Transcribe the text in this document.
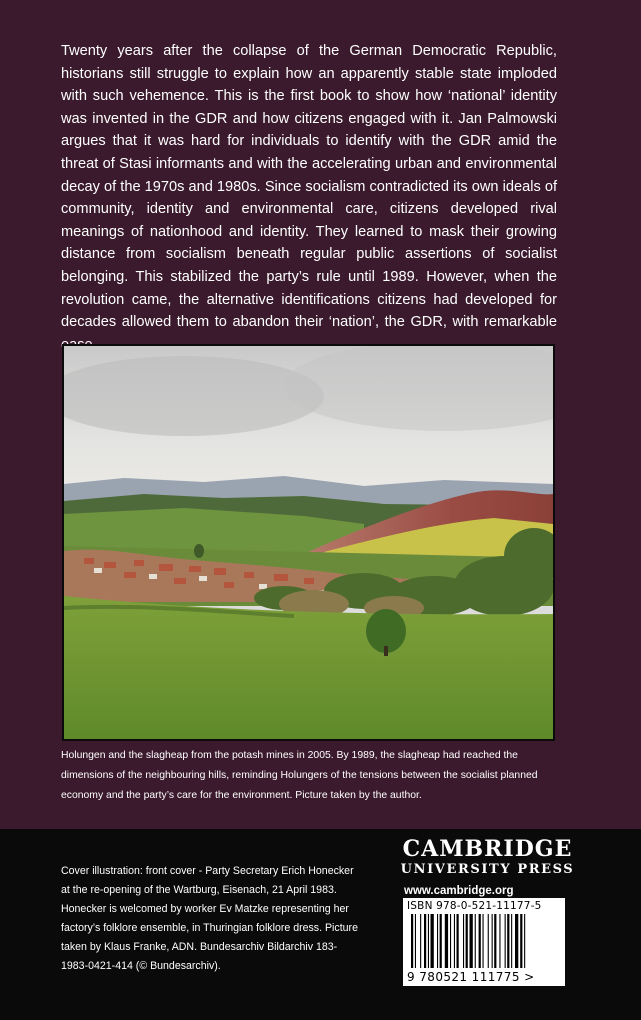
Twenty years after the collapse of the German Democratic Republic, historians still struggle to explain how an apparently stable state imploded with such vehemence. This is the first book to show how ‘national’ identity was invented in the GDR and how citizens engaged with it. Jan Palmowski argues that it was hard for individuals to identify with the GDR amid the threat of Stasi informants and with the accelerating urban and environmental decay of the 1970s and 1980s. Since socialism contradicted its own ideals of community, identity and environmental care, citizens developed rival meanings of nationhood and identity. They learned to mask their growing distance from socialism beneath regular public assertions of socialist belonging. This stabilized the party’s rule until 1989. However, when the revolution came, the alternative identifications citizens had developed for decades allowed them to abandon their ‘nation’, the GDR, with remarkable

Holungen and the slagheap from the potash mines in 2005. By 1989, the slagheap had reached the dimensions of the neighbouring hills, reminding Holungers of the tensions between the socialist planned economy and the party’s care for the environment. Picture taken by the author.

Cover illustration: front cover - Party Secretary Erich Honecker at the re-opening of the Wartburg, Eisenach, 21 April 1983. Honecker is welcomed by worker Ev Matzke representing her factory’s folklore ensemble, in Thuringian folklore dress. Picture taken by Klaus Franke, ADN. Bundesarchiv Bildarchiv 183-1983-0421-414 (© Bundesarchiv).

CAMBRIDGE
UNIVERSITY PRESS
www.cambridge.org
ISBN 978-0-521-11177-5
9 780521 111775 >
